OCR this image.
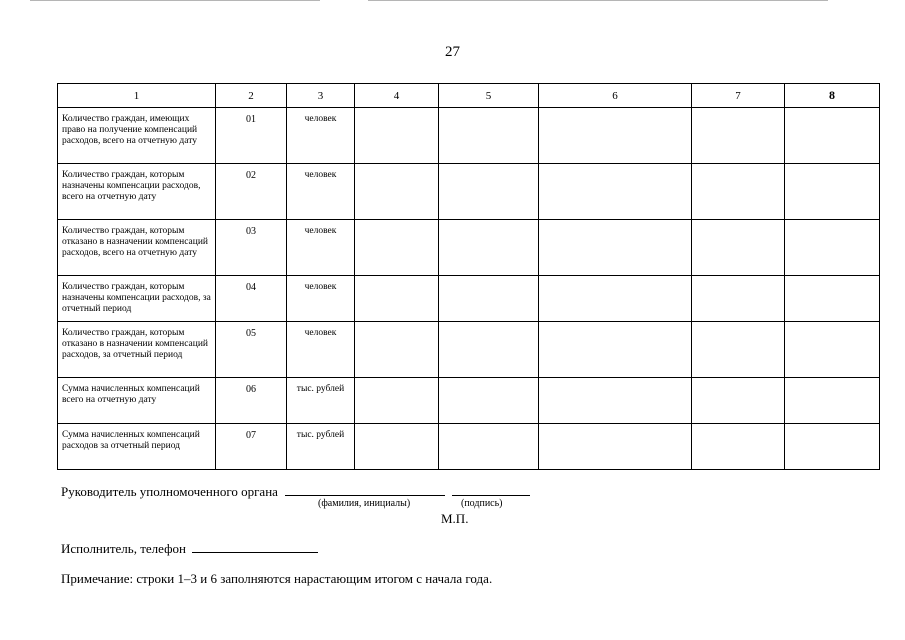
27
1	2	3	4	5	6	7	8
Количество граждан, имеющих право на получение компенсаций расходов, всего на отчетную дату	01	человек					
Количество граждан, которым назначены компенсации расходов, всего на отчетную дату	02	человек					
Количество граждан, которым отказано в назначении компенсаций расходов, всего на отчетную дату	03	человек					
Количество граждан, которым назначены компенсации расходов, за отчетный период	04	человек					
Количество граждан, которым отказано в назначении компенсаций расходов, за отчетный период	05	человек					
Сумма начисленных компенсаций всего на отчетную дату	06	тыс. рублей					
Сумма начисленных компенсаций расходов за отчетный период	07	тыс. рублей					
Руководитель уполномоченного органа
(фамилия, инициалы)	(подпись)
М.П.
Исполнитель, телефон
Примечание: строки 1–3 и 6 заполняются нарастающим итогом с начала года.
